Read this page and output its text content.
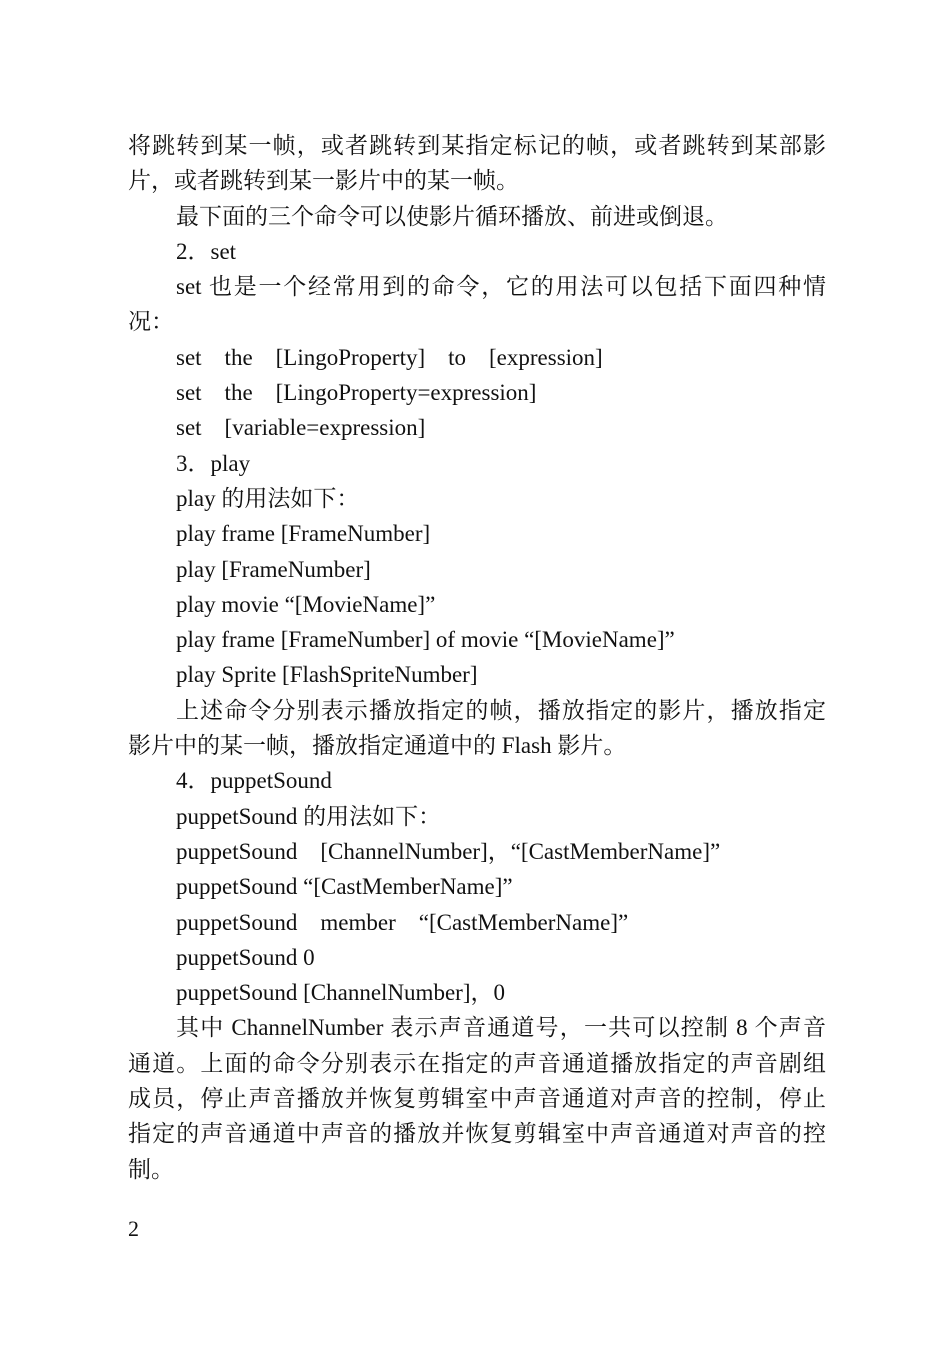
将跳转到某一帧，或者跳转到某指定标记的帧，或者跳转到某部影
片，或者跳转到某一影片中的某一帧。
最下面的三个命令可以使影片循环播放、前进或倒退。
2．set
set 也是一个经常用到的命令，它的用法可以包括下面四种情
况：
set　the　[LingoProperty]　to　[expression]
set　the　[LingoProperty=expression]
set　[variable=expression]
3．play
play 的用法如下：
play frame [FrameNumber]
play [FrameNumber]
play movie “[MovieName]”
play frame [FrameNumber] of movie “[MovieName]”
play Sprite [FlashSpriteNumber]
上述命令分别表示播放指定的帧，播放指定的影片，播放指定
影片中的某一帧，播放指定通道中的 Flash 影片。
4．puppetSound
puppetSound 的用法如下：
puppetSound　[ChannelNumber]，“[CastMemberName]”
puppetSound “[CastMemberName]”
puppetSound　member　“[CastMemberName]”
puppetSound 0
puppetSound [ChannelNumber]，0
其中 ChannelNumber 表示声音通道号，一共可以控制 8 个声音
通道。上面的命令分别表示在指定的声音通道播放指定的声音剧组
成员，停止声音播放并恢复剪辑室中声音通道对声音的控制，停止
指定的声音通道中声音的播放并恢复剪辑室中声音通道对声音的控
制。
2
